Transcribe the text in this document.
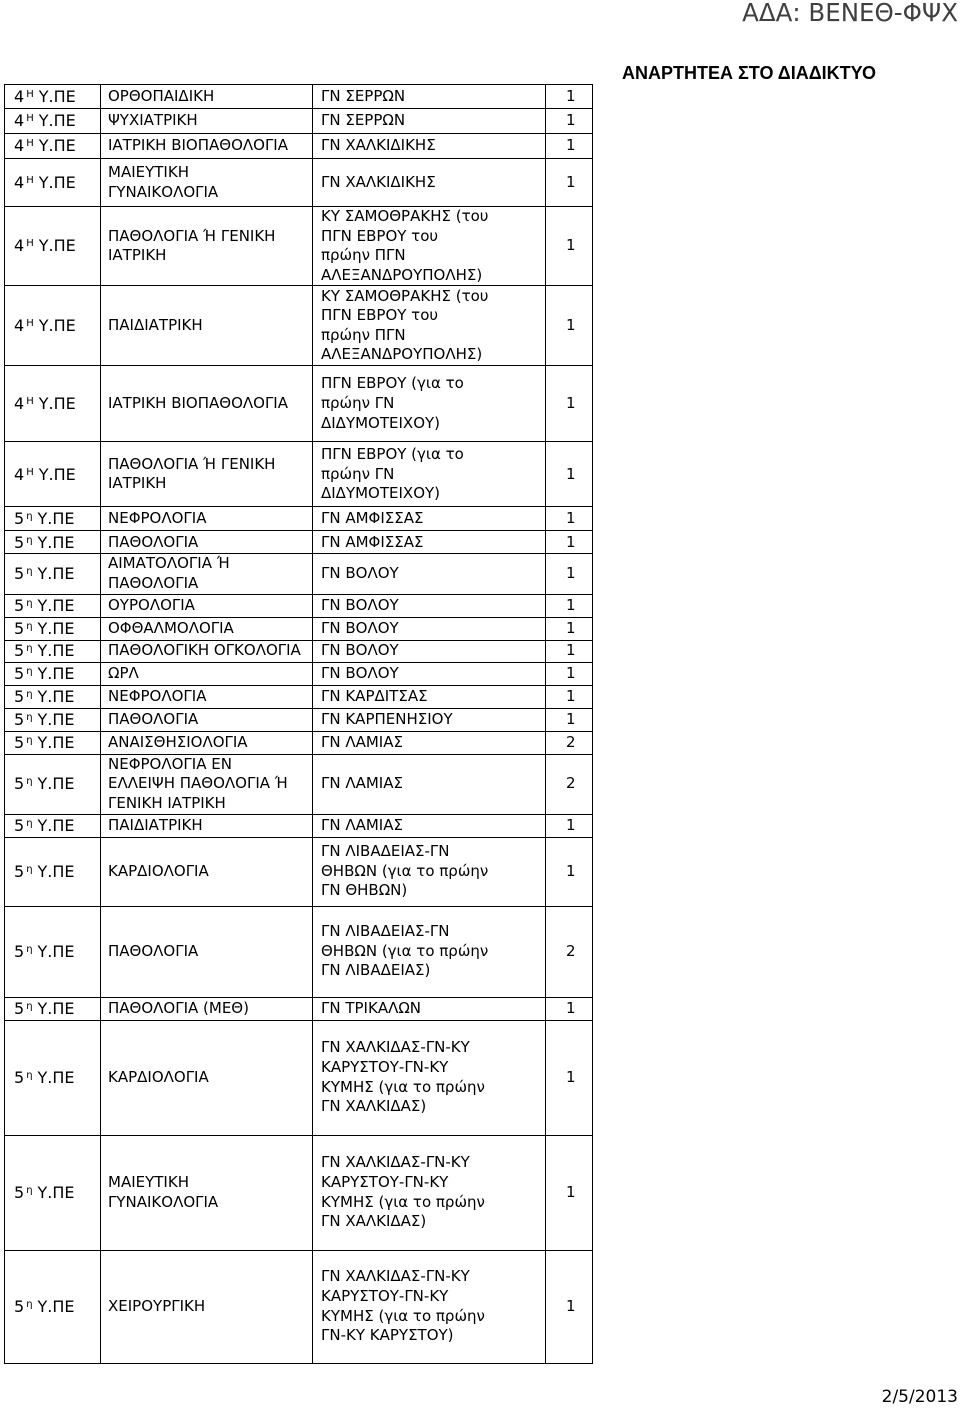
ΑΔΑ: ΒΕΝΕΘ-ΦΨΧ
ΑΝΑΡΤΗΤΕΑ ΣΤΟ ΔΙΑΔΙΚΤΥΟ
4 $^H$ Υ.ΠΕ	ΟΡΘΟΠΑΙΔΙΚΗ	ΓΝ ΣΕΡΡΩΝ	1
4 $^H$ Υ.ΠΕ	ΨΥΧΙΑΤΡΙΚΗ	ΓΝ ΣΕΡΡΩΝ	1
4 $^H$ Υ.ΠΕ	ΙΑΤΡΙΚΗ ΒΙΟΠΑΘΟΛΟΓΙΑ	ΓΝ ΧΑΛΚΙΔΙΚΗΣ	1
4 $^H$ Υ.ΠΕ	ΜΑΙΕΥΤΙΚΗ
ΓΥΝΑΙΚΟΛΟΓΙΑ	ΓΝ ΧΑΛΚΙΔΙΚΗΣ	1
4 $^H$ Υ.ΠΕ	ΠΑΘΟΛΟΓΙΑ Ή ΓΕΝΙΚΗ
ΙΑΤΡΙΚΗ	ΚΥ ΣΑΜΟΘΡΑΚΗΣ (του
ΠΓΝ ΕΒΡΟΥ του
πρώην ΠΓΝ
ΑΛΕΞΑΝΔΡΟΥΠΟΛΗΣ)	1
4 $^H$ Υ.ΠΕ	ΠΑΙΔΙΑΤΡΙΚΗ	ΚΥ ΣΑΜΟΘΡΑΚΗΣ (του
ΠΓΝ ΕΒΡΟΥ του
πρώην ΠΓΝ
ΑΛΕΞΑΝΔΡΟΥΠΟΛΗΣ)	1
4 $^H$ Υ.ΠΕ	ΙΑΤΡΙΚΗ ΒΙΟΠΑΘΟΛΟΓΙΑ	ΠΓΝ ΕΒΡΟΥ (για το
πρώην ΓΝ
ΔΙΔΥΜΟΤΕΙΧΟΥ)	1
4 $^H$ Υ.ΠΕ	ΠΑΘΟΛΟΓΙΑ Ή ΓΕΝΙΚΗ
ΙΑΤΡΙΚΗ	ΠΓΝ ΕΒΡΟΥ (για το
πρώην ΓΝ
ΔΙΔΥΜΟΤΕΙΧΟΥ)	1
5 $^\eta$ Υ.ΠΕ	ΝΕΦΡΟΛΟΓΙΑ	ΓΝ ΑΜΦΙΣΣΑΣ	1
5 $^\eta$ Υ.ΠΕ	ΠΑΘΟΛΟΓΙΑ	ΓΝ ΑΜΦΙΣΣΑΣ	1
5 $^\eta$ Υ.ΠΕ	ΑΙΜΑΤΟΛΟΓΙΑ Ή
ΠΑΘΟΛΟΓΙΑ	ΓΝ ΒΟΛΟΥ	1
5 $^\eta$ Υ.ΠΕ	ΟΥΡΟΛΟΓΙΑ	ΓΝ ΒΟΛΟΥ	1
5 $^\eta$ Υ.ΠΕ	ΟΦΘΑΛΜΟΛΟΓΙΑ	ΓΝ ΒΟΛΟΥ	1
5 $^\eta$ Υ.ΠΕ	ΠΑΘΟΛΟΓΙΚΗ ΟΓΚΟΛΟΓΙΑ	ΓΝ ΒΟΛΟΥ	1
5 $^\eta$ Υ.ΠΕ	ΩΡΛ	ΓΝ ΒΟΛΟΥ	1
5 $^\eta$ Υ.ΠΕ	ΝΕΦΡΟΛΟΓΙΑ	ΓΝ ΚΑΡΔΙΤΣΑΣ	1
5 $^\eta$ Υ.ΠΕ	ΠΑΘΟΛΟΓΙΑ	ΓΝ ΚΑΡΠΕΝΗΣΙΟΥ	1
5 $^\eta$ Υ.ΠΕ	ΑΝΑΙΣΘΗΣΙΟΛΟΓΙΑ	ΓΝ ΛΑΜΙΑΣ	2
5 $^\eta$ Υ.ΠΕ	ΝΕΦΡΟΛΟΓΙΑ ΕΝ
ΕΛΛΕΙΨΗ ΠΑΘΟΛΟΓΙΑ Ή
ΓΕΝΙΚΗ ΙΑΤΡΙΚΗ	ΓΝ ΛΑΜΙΑΣ	2
5 $^\eta$ Υ.ΠΕ	ΠΑΙΔΙΑΤΡΙΚΗ	ΓΝ ΛΑΜΙΑΣ	1
5 $^\eta$ Υ.ΠΕ	ΚΑΡΔΙΟΛΟΓΙΑ	ΓΝ ΛΙΒΑΔΕΙΑΣ-ΓΝ
ΘΗΒΩΝ (για το πρώην
ΓΝ ΘΗΒΩΝ)	1
5 $^\eta$ Υ.ΠΕ	ΠΑΘΟΛΟΓΙΑ	ΓΝ ΛΙΒΑΔΕΙΑΣ-ΓΝ
ΘΗΒΩΝ (για το πρώην
ΓΝ ΛΙΒΑΔΕΙΑΣ)	2
5 $^\eta$ Υ.ΠΕ	ΠΑΘΟΛΟΓΙΑ (ΜΕΘ)	ΓΝ ΤΡΙΚΑΛΩΝ	1
5 $^\eta$ Υ.ΠΕ	ΚΑΡΔΙΟΛΟΓΙΑ	ΓΝ ΧΑΛΚΙΔΑΣ-ΓΝ-ΚΥ
ΚΑΡΥΣΤΟΥ-ΓΝ-ΚΥ
ΚΥΜΗΣ (για το πρώην
ΓΝ ΧΑΛΚΙΔΑΣ)	1
5 $^\eta$ Υ.ΠΕ	ΜΑΙΕΥΤΙΚΗ
ΓΥΝΑΙΚΟΛΟΓΙΑ	ΓΝ ΧΑΛΚΙΔΑΣ-ΓΝ-ΚΥ
ΚΑΡΥΣΤΟΥ-ΓΝ-ΚΥ
ΚΥΜΗΣ (για το πρώην
ΓΝ ΧΑΛΚΙΔΑΣ)	1
5 $^\eta$ Υ.ΠΕ	ΧΕΙΡΟΥΡΓΙΚΗ	ΓΝ ΧΑΛΚΙΔΑΣ-ΓΝ-ΚΥ
ΚΑΡΥΣΤΟΥ-ΓΝ-ΚΥ
ΚΥΜΗΣ (για το πρώην
ΓΝ-ΚΥ ΚΑΡΥΣΤΟΥ)	1
2/5/2013
